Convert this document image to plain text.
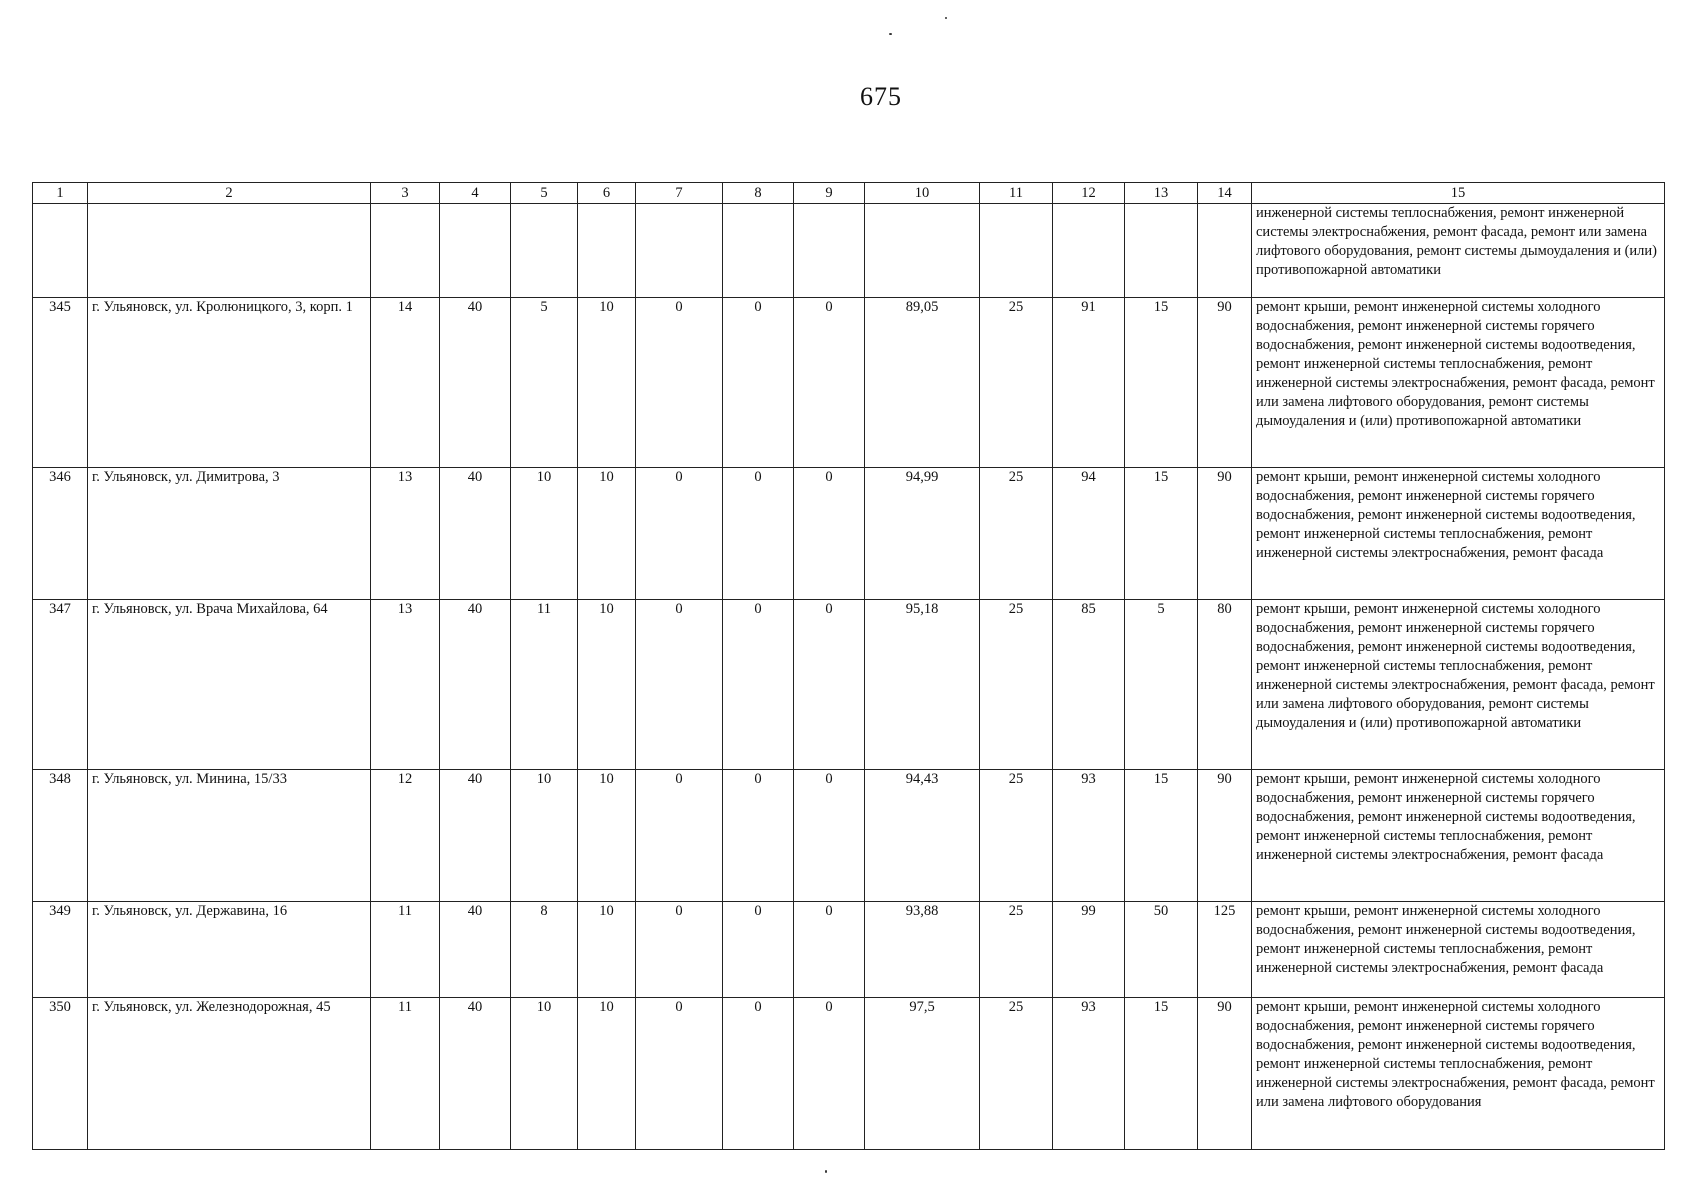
675
1	2	3	4	5	6	7	8	9	10	11	12	13	14	15
														инженерной системы теплоснабжения, ремонт инженерной системы электроснабжения, ремонт фасада, ремонт или замена лифтового оборудования, ремонт системы дымоудаления и (или) противопожарной автоматики
345	г. Ульяновск, ул. Кролюницкого, 3, корп. 1	14	40	5	10	0	0	0	89,05	25	91	15	90	ремонт крыши, ремонт инженерной системы холодного водоснабжения, ремонт инженерной системы горячего водоснабжения, ремонт инженерной системы водоотведения, ремонт инженерной системы теплоснабжения, ремонт инженерной системы электроснабжения, ремонт фасада, ремонт или замена лифтового оборудования, ремонт системы дымоудаления и (или) противопожарной автоматики
346	г. Ульяновск, ул. Димитрова, 3	13	40	10	10	0	0	0	94,99	25	94	15	90	ремонт крыши, ремонт инженерной системы холодного водоснабжения, ремонт инженерной системы горячего водоснабжения, ремонт инженерной системы водоотведения, ремонт инженерной системы теплоснабжения, ремонт инженерной системы электроснабжения, ремонт фасада
347	г. Ульяновск, ул. Врача Михайлова, 64	13	40	11	10	0	0	0	95,18	25	85	5	80	ремонт крыши, ремонт инженерной системы холодного водоснабжения, ремонт инженерной системы горячего водоснабжения, ремонт инженерной системы водоотведения, ремонт инженерной системы теплоснабжения, ремонт инженерной системы электроснабжения, ремонт фасада, ремонт или замена лифтового оборудования, ремонт системы дымоудаления и (или) противопожарной автоматики
348	г. Ульяновск, ул. Минина, 15/33	12	40	10	10	0	0	0	94,43	25	93	15	90	ремонт крыши, ремонт инженерной системы холодного водоснабжения, ремонт инженерной системы горячего водоснабжения, ремонт инженерной системы водоотведения, ремонт инженерной системы теплоснабжения, ремонт инженерной системы электроснабжения, ремонт фасада
349	г. Ульяновск, ул. Державина, 16	11	40	8	10	0	0	0	93,88	25	99	50	125	ремонт крыши, ремонт инженерной системы холодного водоснабжения, ремонт инженерной системы водоотведения, ремонт инженерной системы теплоснабжения, ремонт инженерной системы электроснабжения, ремонт фасада
350	г. Ульяновск, ул. Железнодорожная, 45	11	40	10	10	0	0	0	97,5	25	93	15	90	ремонт крыши, ремонт инженерной системы холодного водоснабжения, ремонт инженерной системы горячего водоснабжения, ремонт инженерной системы водоотведения, ремонт инженерной системы теплоснабжения, ремонт инженерной системы электроснабжения, ремонт фасада, ремонт или замена лифтового оборудования
